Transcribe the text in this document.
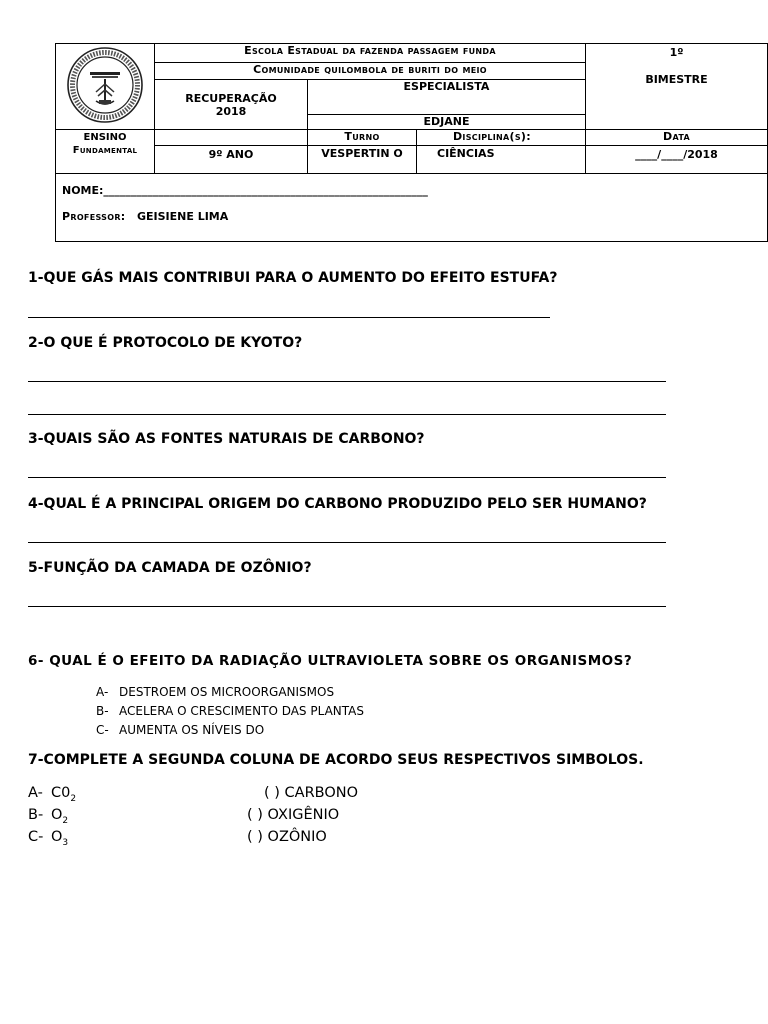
	Escola Estadual da fazenda passagem funda			1º
BIMESTRE

	Comunidade quilombola de buriti do meio			

	RECUPERAÇÃO
2018	ESPECIALISTA		
		EDJANE		

ENSINO
Fundamental		Turno	Disciplina(s):	Data
	9º ANO	VESPERTIN O	CIÊNCIAS	____/____/2018

NOME:___________________________________________________________
Professor: GEISIENE LIMA				
1-QUE GÁS MAIS CONTRIBUI PARA O AUMENTO DO EFEITO ESTUFA?
2-O QUE É PROTOCOLO DE KYOTO?
3-QUAIS SÃO AS FONTES NATURAIS DE CARBONO?
4-QUAL É A PRINCIPAL ORIGEM DO CARBONO PRODUZIDO PELO SER HUMANO?
5-FUNÇÃO DA CAMADA DE OZÔNIO?
6- QUAL É O EFEITO DA RADIAÇÃO ULTRAVIOLETA SOBRE OS ORGANISMOS?
A- DESTROEM OS MICROORGANISMOS
B- ACELERA O CRESCIMENTO DAS PLANTAS
C- AUMENTA OS NÍVEIS DO
7-COMPLETE A SEGUNDA COLUNA DE ACORDO SEUS RESPECTIVOS SIMBOLOS.
A- $C0_2$	( ) CARBONO
B- $O_2$	( ) OXIGÊNIO
C- $O_3$	( ) OZÔNIO
